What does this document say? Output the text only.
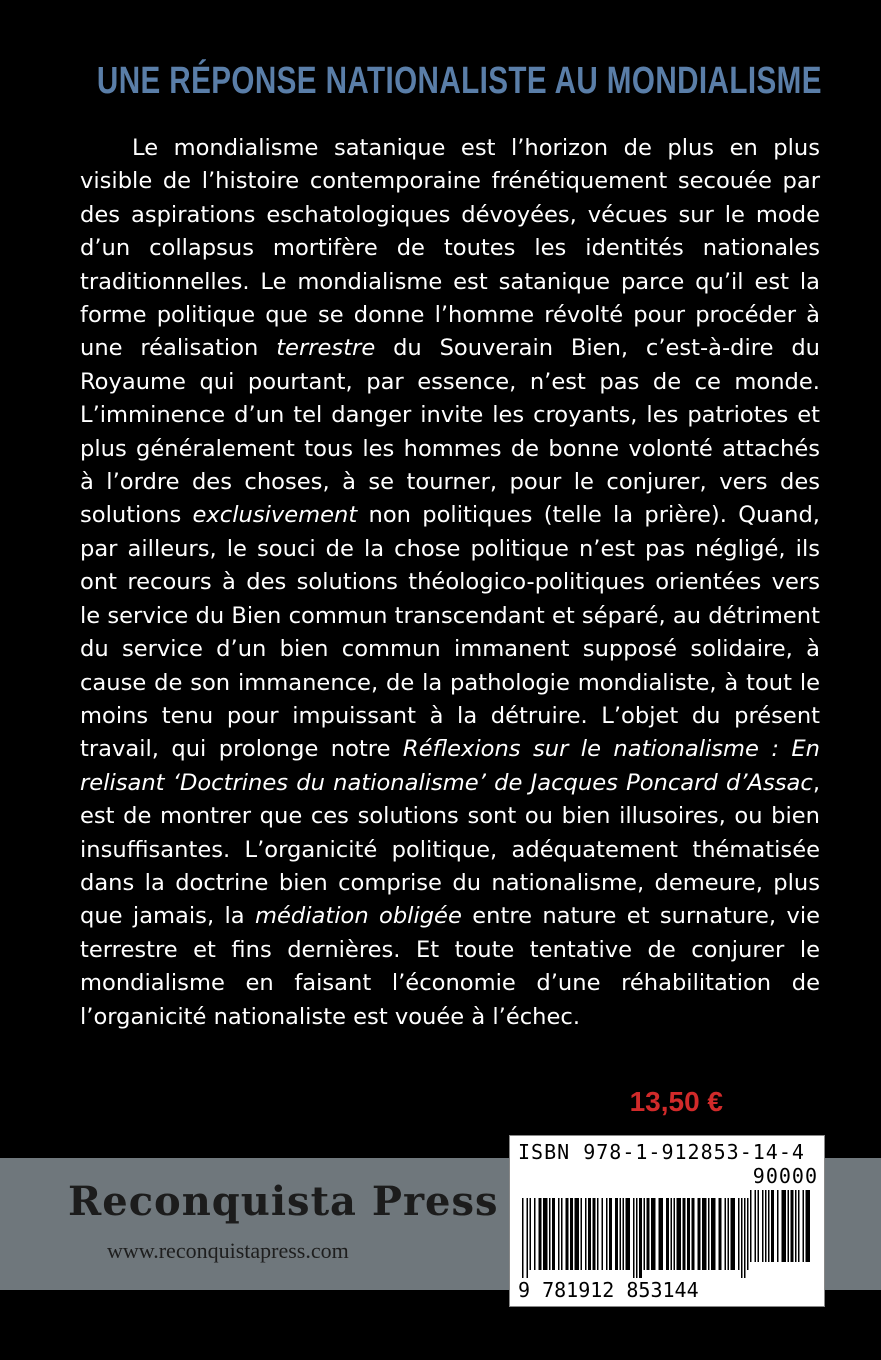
UNE RÉPONSE NATIONALISTE AU MONDIALISME

Le mondialisme satanique est l’horizon de plus en plus visible de l’histoire contemporaine frénétiquement secouée par des aspirations eschatologiques dévoyées, vécues sur le mode d’un collapsus mortifère de toutes les identités nationales traditionnelles. Le mondialisme est satanique parce qu’il est la forme politique que se donne l’homme révolté pour procéder à une réalisation terrestre du Souverain Bien, c’est-à-dire du Royaume qui pourtant, par essence, n’est pas de ce monde. L’imminence d’un tel danger invite les croyants, les patriotes et plus généralement tous les hommes de bonne volonté attachés à l’ordre des choses, à se tourner, pour le conjurer, vers des solutions exclusivement non politiques (telle la prière). Quand, par ailleurs, le souci de la chose politique n’est pas négligé, ils ont recours à des solutions théologico-politiques orientées vers le service du Bien commun transcendant et séparé, au détriment du service d’un bien commun immanent supposé solidaire, à cause de son immanence, de la pathologie mondialiste, à tout le moins tenu pour impuissant à la détruire. L’objet du présent travail, qui prolonge notre Réflexions sur le nationalisme : En relisant ‘Doctrines du nationalisme’ de Jacques Poncard d’Assac, est de montrer que ces solutions sont ou bien illusoires, ou bien insuffisantes. L’organicité politique, adéquatement thématisée dans la doctrine bien comprise du nationalisme, demeure, plus que jamais, la médiation obligée entre nature et surnature, vie terrestre et fins dernières. Et toute tentative de conjurer le mondialisme en faisant l’économie d’une réhabilitation de l’organicité nationaliste est vouée à l’échec.

13,50 €
Reconquista Press
www.reconquistapress.com
ISBN 978-1-912853-14-4
90000
9 781912 853144
